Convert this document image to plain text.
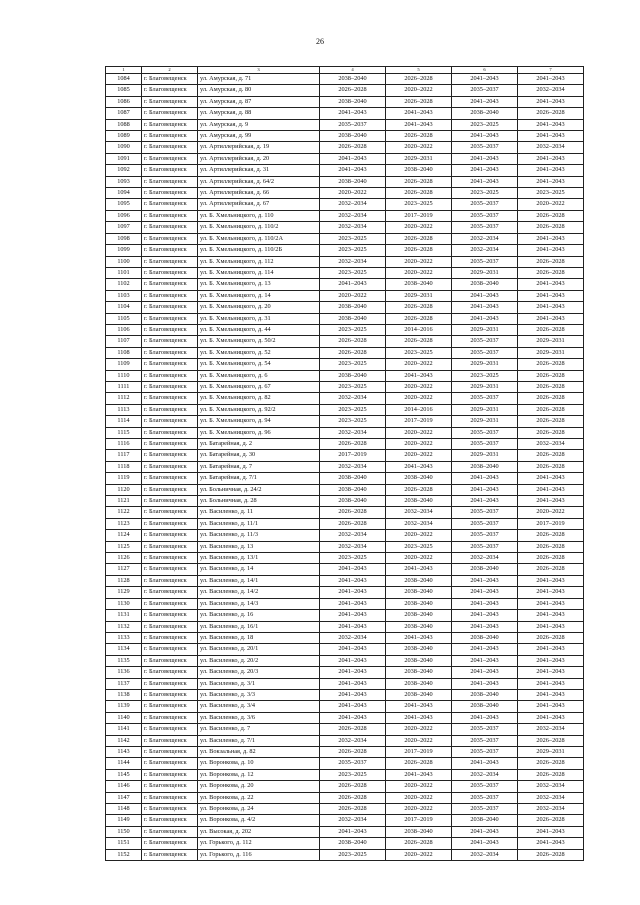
26
1	2	3	4	5	6	7
1084	г. Благовещенск	ул. Амурская, д. 71	2038–2040	2026–2028	2041–2043	2041–2043
1085	г. Благовещенск	ул. Амурская, д. 80	2026–2028	2020–2022	2035–2037	2032–2034
1086	г. Благовещенск	ул. Амурская, д. 87	2038–2040	2026–2028	2041–2043	2041–2043
1087	г. Благовещенск	ул. Амурская, д. 88	2041–2043	2041–2043	2038–2040	2026–2028
1088	г. Благовещенск	ул. Амурская, д. 9	2035–2037	2041–2043	2023–2025	2041–2043
1089	г. Благовещенск	ул. Амурская, д. 99	2038–2040	2026–2028	2041–2043	2041–2043
1090	г. Благовещенск	ул. Артиллерийская, д. 19	2026–2028	2020–2022	2035–2037	2032–2034
1091	г. Благовещенск	ул. Артиллерийская, д. 20	2041–2043	2029–2031	2041–2043	2041–2043
1092	г. Благовещенск	ул. Артиллерийская, д. 31	2041–2043	2038–2040	2041–2043	2041–2043
1093	г. Благовещенск	ул. Артиллерийская, д. 64/2	2038–2040	2026–2028	2041–2043	2041–2043
1094	г. Благовещенск	ул. Артиллерийская, д. 66	2020–2022	2026–2028	2023–2025	2023–2025
1095	г. Благовещенск	ул. Артиллерийская, д. 67	2032–2034	2023–2025	2035–2037	2020–2022
1096	г. Благовещенск	ул. Б. Хмельницкого, д. 110	2032–2034	2017–2019	2035–2037	2026–2028
1097	г. Благовещенск	ул. Б. Хмельницкого, д. 110/2	2032–2034	2020–2022	2035–2037	2026–2028
1098	г. Благовещенск	ул. Б. Хмельницкого, д. 110/2А	2023–2025	2026–2028	2032–2034	2041–2043
1099	г. Благовещенск	ул. Б. Хмельницкого, д. 110/2Б	2023–2025	2026–2028	2032–2034	2041–2043
1100	г. Благовещенск	ул. Б. Хмельницкого, д. 112	2032–2034	2020–2022	2035–2037	2026–2028
1101	г. Благовещенск	ул. Б. Хмельницкого, д. 114	2023–2025	2020–2022	2029–2031	2026–2028
1102	г. Благовещенск	ул. Б. Хмельницкого, д. 13	2041–2043	2038–2040	2038–2040	2041–2043
1103	г. Благовещенск	ул. Б. Хмельницкого, д. 14	2020–2022	2029–2031	2041–2043	2041–2043
1104	г. Благовещенск	ул. Б. Хмельницкого, д. 20	2038–2040	2026–2028	2041–2043	2041–2043
1105	г. Благовещенск	ул. Б. Хмельницкого, д. 31	2038–2040	2026–2028	2041–2043	2041–2043
1106	г. Благовещенск	ул. Б. Хмельницкого, д. 44	2023–2025	2014–2016	2029–2031	2026–2028
1107	г. Благовещенск	ул. Б. Хмельницкого, д. 50/2	2026–2028	2026–2028	2035–2037	2029–2031
1108	г. Благовещенск	ул. Б. Хмельницкого, д. 52	2026–2028	2023–2025	2035–2037	2029–2031
1109	г. Благовещенск	ул. Б. Хмельницкого, д. 54	2023–2025	2020–2022	2029–2031	2026–2028
1110	г. Благовещенск	ул. Б. Хмельницкого, д. 6	2038–2040	2041–2043	2023–2025	2026–2028
1111	г. Благовещенск	ул. Б. Хмельницкого, д. 67	2023–2025	2020–2022	2029–2031	2026–2028
1112	г. Благовещенск	ул. Б. Хмельницкого, д. 82	2032–2034	2020–2022	2035–2037	2026–2028
1113	г. Благовещенск	ул. Б. Хмельницкого, д. 92/2	2023–2025	2014–2016	2029–2031	2026–2028
1114	г. Благовещенск	ул. Б. Хмельницкого, д. 94	2023–2025	2017–2019	2029–2031	2026–2028
1115	г. Благовещенск	ул. Б. Хмельницкого, д. 96	2032–2034	2020–2022	2035–2037	2026–2028
1116	г. Благовещенск	ул. Батарейная, д. 2	2026–2028	2020–2022	2035–2037	2032–2034
1117	г. Благовещенск	ул. Батарейная, д. 30	2017–2019	2020–2022	2029–2031	2026–2028
1118	г. Благовещенск	ул. Батарейная, д. 7	2032–2034	2041–2043	2038–2040	2026–2028
1119	г. Благовещенск	ул. Батарейная, д. 7/1	2038–2040	2038–2040	2041–2043	2041–2043
1120	г. Благовещенск	ул. Больничная, д. 24/2	2038–2040	2026–2028	2041–2043	2041–2043
1121	г. Благовещенск	ул. Больничная, д. 28	2038–2040	2038–2040	2041–2043	2041–2043
1122	г. Благовещенск	ул. Василенко, д. 11	2026–2028	2032–2034	2035–2037	2020–2022
1123	г. Благовещенск	ул. Василенко, д. 11/1	2026–2028	2032–2034	2035–2037	2017–2019
1124	г. Благовещенск	ул. Василенко, д. 11/3	2032–2034	2020–2022	2035–2037	2026–2028
1125	г. Благовещенск	ул. Василенко, д. 13	2032–2034	2023–2025	2035–2037	2026–2028
1126	г. Благовещенск	ул. Василенко, д. 13/1	2023–2025	2020–2022	2032–2034	2026–2028
1127	г. Благовещенск	ул. Василенко, д. 14	2041–2043	2041–2043	2038–2040	2026–2028
1128	г. Благовещенск	ул. Василенко, д. 14/1	2041–2043	2038–2040	2041–2043	2041–2043
1129	г. Благовещенск	ул. Василенко, д. 14/2	2041–2043	2038–2040	2041–2043	2041–2043
1130	г. Благовещенск	ул. Василенко, д. 14/3	2041–2043	2038–2040	2041–2043	2041–2043
1131	г. Благовещенск	ул. Василенко, д. 16	2041–2043	2038–2040	2041–2043	2041–2043
1132	г. Благовещенск	ул. Василенко, д. 16/1	2041–2043	2038–2040	2041–2043	2041–2043
1133	г. Благовещенск	ул. Василенко, д. 18	2032–2034	2041–2043	2038–2040	2026–2028
1134	г. Благовещенск	ул. Василенко, д. 20/1	2041–2043	2038–2040	2041–2043	2041–2043
1135	г. Благовещенск	ул. Василенко, д. 20/2	2041–2043	2038–2040	2041–2043	2041–2043
1136	г. Благовещенск	ул. Василенко, д. 20/3	2041–2043	2038–2040	2041–2043	2041–2043
1137	г. Благовещенск	ул. Василенко, д. 3/1	2041–2043	2038–2040	2041–2043	2041–2043
1138	г. Благовещенск	ул. Василенко, д. 3/3	2041–2043	2038–2040	2038–2040	2041–2043
1139	г. Благовещенск	ул. Василенко, д. 3/4	2041–2043	2041–2043	2038–2040	2041–2043
1140	г. Благовещенск	ул. Василенко, д. 3/6	2041–2043	2041–2043	2041–2043	2041–2043
1141	г. Благовещенск	ул. Василенко, д. 7	2026–2028	2020–2022	2035–2037	2032–2034
1142	г. Благовещенск	ул. Василенко, д. 7/1	2032–2034	2020–2022	2035–2037	2026–2028
1143	г. Благовещенск	ул. Вокзальная, д. 82	2026–2028	2017–2019	2035–2037	2029–2031
1144	г. Благовещенск	ул. Воронкова, д. 10	2035–2037	2026–2028	2041–2043	2026–2028
1145	г. Благовещенск	ул. Воронкова, д. 12	2023–2025	2041–2043	2032–2034	2026–2028
1146	г. Благовещенск	ул. Воронкова, д. 20	2026–2028	2020–2022	2035–2037	2032–2034
1147	г. Благовещенск	ул. Воронкова, д. 22	2026–2028	2020–2022	2035–2037	2032–2034
1148	г. Благовещенск	ул. Воронкова, д. 24	2026–2028	2020–2022	2035–2037	2032–2034
1149	г. Благовещенск	ул. Воронкова, д. 4/2	2032–2034	2017–2019	2038–2040	2026–2028
1150	г. Благовещенск	ул. Высокая, д. 202	2041–2043	2038–2040	2041–2043	2041–2043
1151	г. Благовещенск	ул. Горького, д. 112	2038–2040	2026–2028	2041–2043	2041–2043
1152	г. Благовещенск	ул. Горького, д. 116	2023–2025	2020–2022	2032–2034	2026–2028
